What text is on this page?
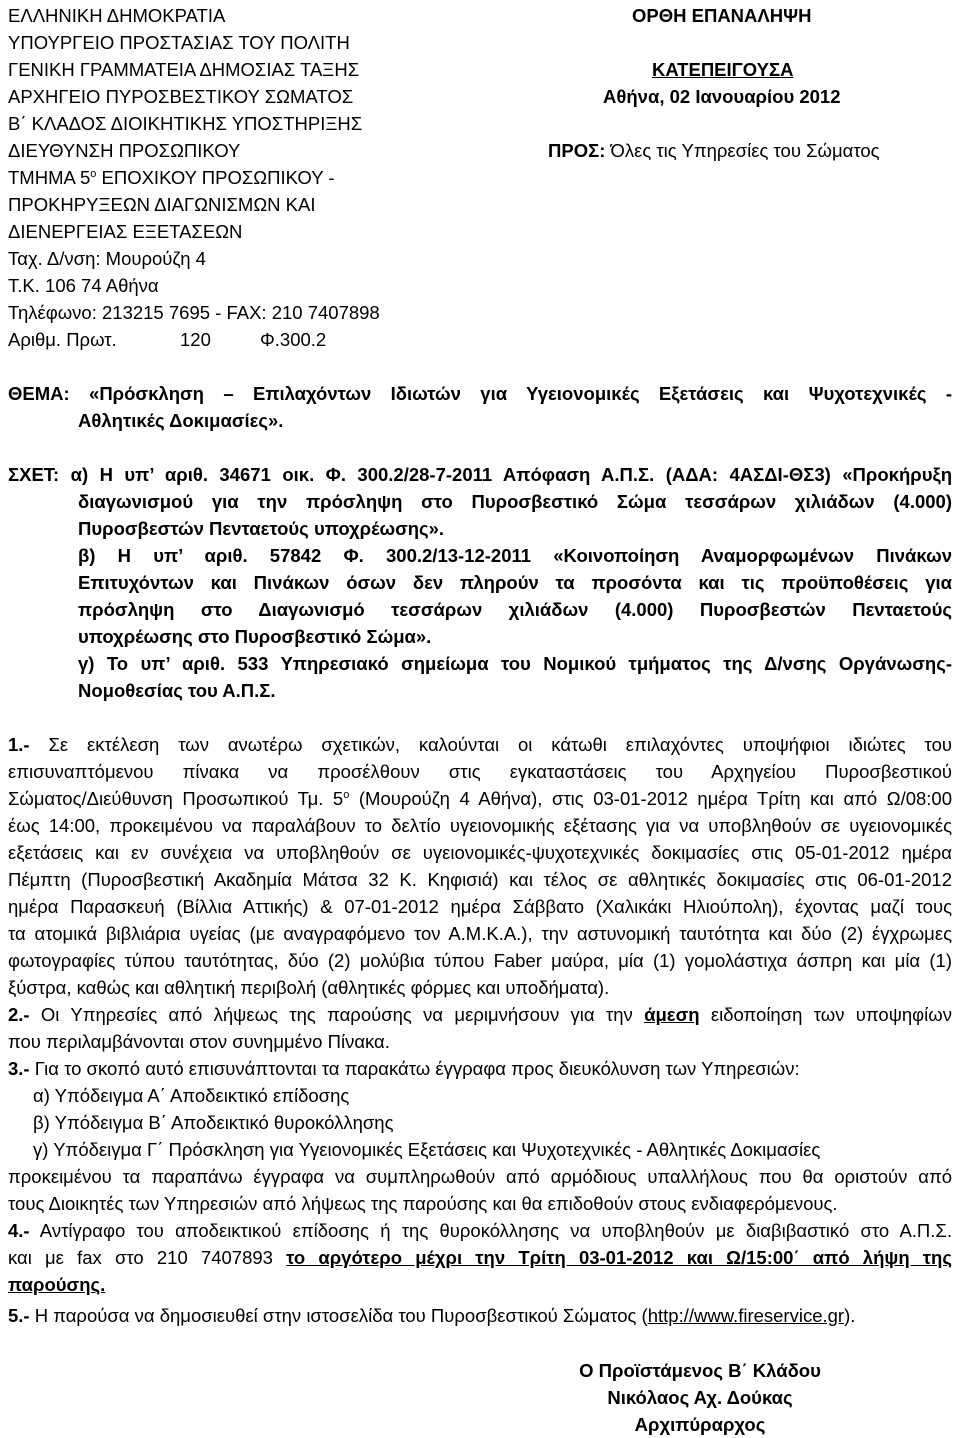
ΕΛΛΗΝΙΚΗ ΔΗΜΟΚΡΑΤΙΑ
ΥΠΟΥΡΓΕΙΟ ΠΡΟΣΤΑΣΙΑΣ ΤΟΥ ΠΟΛΙΤΗ
ΓΕΝΙΚΗ ΓΡΑΜΜΑΤΕΙΑ ΔΗΜΟΣΙΑΣ ΤΑΞΗΣ
ΑΡΧΗΓΕΙΟ ΠΥΡΟΣΒΕΣΤΙΚΟΥ ΣΩΜΑΤΟΣ
Β΄ ΚΛΑΔΟΣ ΔΙΟΙΚΗΤΙΚΗΣ ΥΠΟΣΤΗΡΙΞΗΣ
ΔΙΕΥΘΥΝΣΗ ΠΡΟΣΩΠΙΚΟΥ
ΤΜΗΜΑ $5^o$ ΕΠΟΧΙΚΟΥ ΠΡΟΣΩΠΙΚΟΥ -
ΠΡΟΚΗΡΥΞΕΩΝ ΔΙΑΓΩΝΙΣΜΩΝ ΚΑΙ
ΔΙΕΝΕΡΓΕΙΑΣ ΕΞΕΤΑΣΕΩΝ
Ταχ. Δ/νση: Μουρούζη 4
Τ.Κ. 106 74 Αθήνα
Τηλέφωνο: 213215 7695 - FAX: 210 7407898
Αριθμ. Πρωτ.	120	Φ.300.2
ΟΡΘΗ ΕΠΑΝΑΛΗΨΗ
ΚΑΤΕΠΕΙΓΟΥΣΑ
Αθήνα, 02 Ιανουαρίου 2012
ΠΡΟΣ: Όλες τις Υπηρεσίες του Σώματος
ΘΕΜΑ: «Πρόσκληση – Επιλαχόντων Ιδιωτών για Υγειονομικές Εξετάσεις και Ψυχοτεχνικές -
Αθλητικές Δοκιμασίες».
ΣΧΕΤ: α) Η υπ’ αριθ. 34671 οικ. Φ. 300.2/28-7-2011 Απόφαση Α.Π.Σ. (ΑΔΑ: 4ΑΣΔΙ-ΘΣ3) «Προκήρυξη
διαγωνισμού για την πρόσληψη στο Πυροσβεστικό Σώμα τεσσάρων χιλιάδων (4.000)
Πυροσβεστών Πενταετούς υποχρέωσης».
β) Η υπ’ αριθ. 57842 Φ. 300.2/13-12-2011 «Κοινοποίηση Αναμορφωμένων Πινάκων
Επιτυχόντων και Πινάκων όσων δεν πληρούν τα προσόντα και τις προϋποθέσεις για
πρόσληψη στο Διαγωνισμό τεσσάρων χιλιάδων (4.000) Πυροσβεστών Πενταετούς
υποχρέωσης στο Πυροσβεστικό Σώμα».
γ) Το υπ’ αριθ. 533 Υπηρεσιακό σημείωμα του Νομικού τμήματος της Δ/νσης Οργάνωσης-
Νομοθεσίας του Α.Π.Σ.
1.- Σε εκτέλεση των ανωτέρω σχετικών, καλούνται οι κάτωθι επιλαχόντες υποψήφιοι ιδιώτες του
επισυναπτόμενου πίνακα να προσέλθουν στις εγκαταστάσεις του Αρχηγείου Πυροσβεστικού
Σώματος/Διεύθυνση Προσωπικού Τμ. $5^o$ (Μουρούζη 4 Αθήνα), στις 03-01-2012 ημέρα Τρίτη και από Ω/08:00
έως 14:00, προκειμένου να παραλάβουν το δελτίο υγειονομικής εξέτασης για να υποβληθούν σε υγειονομικές
εξετάσεις και εν συνέχεια να υποβληθούν σε υγειονομικές-ψυχοτεχνικές δοκιμασίες στις 05-01-2012 ημέρα
Πέμπτη (Πυροσβεστική Ακαδημία Μάτσα 32 Κ. Κηφισιά) και τέλος σε αθλητικές δοκιμασίες στις 06-01-2012
ημέρα Παρασκευή (Βίλλια Αττικής) & 07-01-2012 ημέρα Σάββατο (Χαλικάκι Ηλιούπολη), έχοντας μαζί τους
τα ατομικά βιβλιάρια υγείας (με αναγραφόμενο τον Α.Μ.Κ.Α.), την αστυνομική ταυτότητα και δύο (2) έγχρωμες
φωτογραφίες τύπου ταυτότητας, δύο (2) μολύβια τύπου Faber μαύρα, μία (1) γομολάστιχα άσπρη και μία (1)
ξύστρα, καθώς και αθλητική περιβολή (αθλητικές φόρμες και υποδήματα).
2.- Οι Υπηρεσίες από λήψεως της παρούσης να μεριμνήσουν για την άμεση ειδοποίηση των υποψηφίων
που περιλαμβάνονται στον συνημμένο Πίνακα.
3.- Για το σκοπό αυτό επισυνάπτονται τα παρακάτω έγγραφα προς διευκόλυνση των Υπηρεσιών:
α) Υπόδειγμα Α΄ Αποδεικτικό επίδοσης
β) Υπόδειγμα Β΄ Αποδεικτικό θυροκόλλησης
γ) Υπόδειγμα Γ΄ Πρόσκληση για Υγειονομικές Εξετάσεις και Ψυχοτεχνικές - Αθλητικές Δοκιμασίες
προκειμένου τα παραπάνω έγγραφα να συμπληρωθούν από αρμόδιους υπαλλήλους που θα οριστούν από
τους Διοικητές των Υπηρεσιών από λήψεως της παρούσης και θα επιδοθούν στους ενδιαφερόμενους.
4.- Αντίγραφο του αποδεικτικού επίδοσης ή της θυροκόλλησης να υποβληθούν με διαβιβαστικό στο Α.Π.Σ.
και με fax στο 210 7407893 το αργότερο μέχρι την Τρίτη 03-01-2012 και Ω/15:00΄ από λήψη της
παρούσης.
5.- Η παρούσα να δημοσιευθεί στην ιστοσελίδα του Πυροσβεστικού Σώματος (http://www.fireservice.gr).
Ο Προϊστάμενος Β΄ Κλάδου
Νικόλαος Αχ. Δούκας
Αρχιπύραρχος
